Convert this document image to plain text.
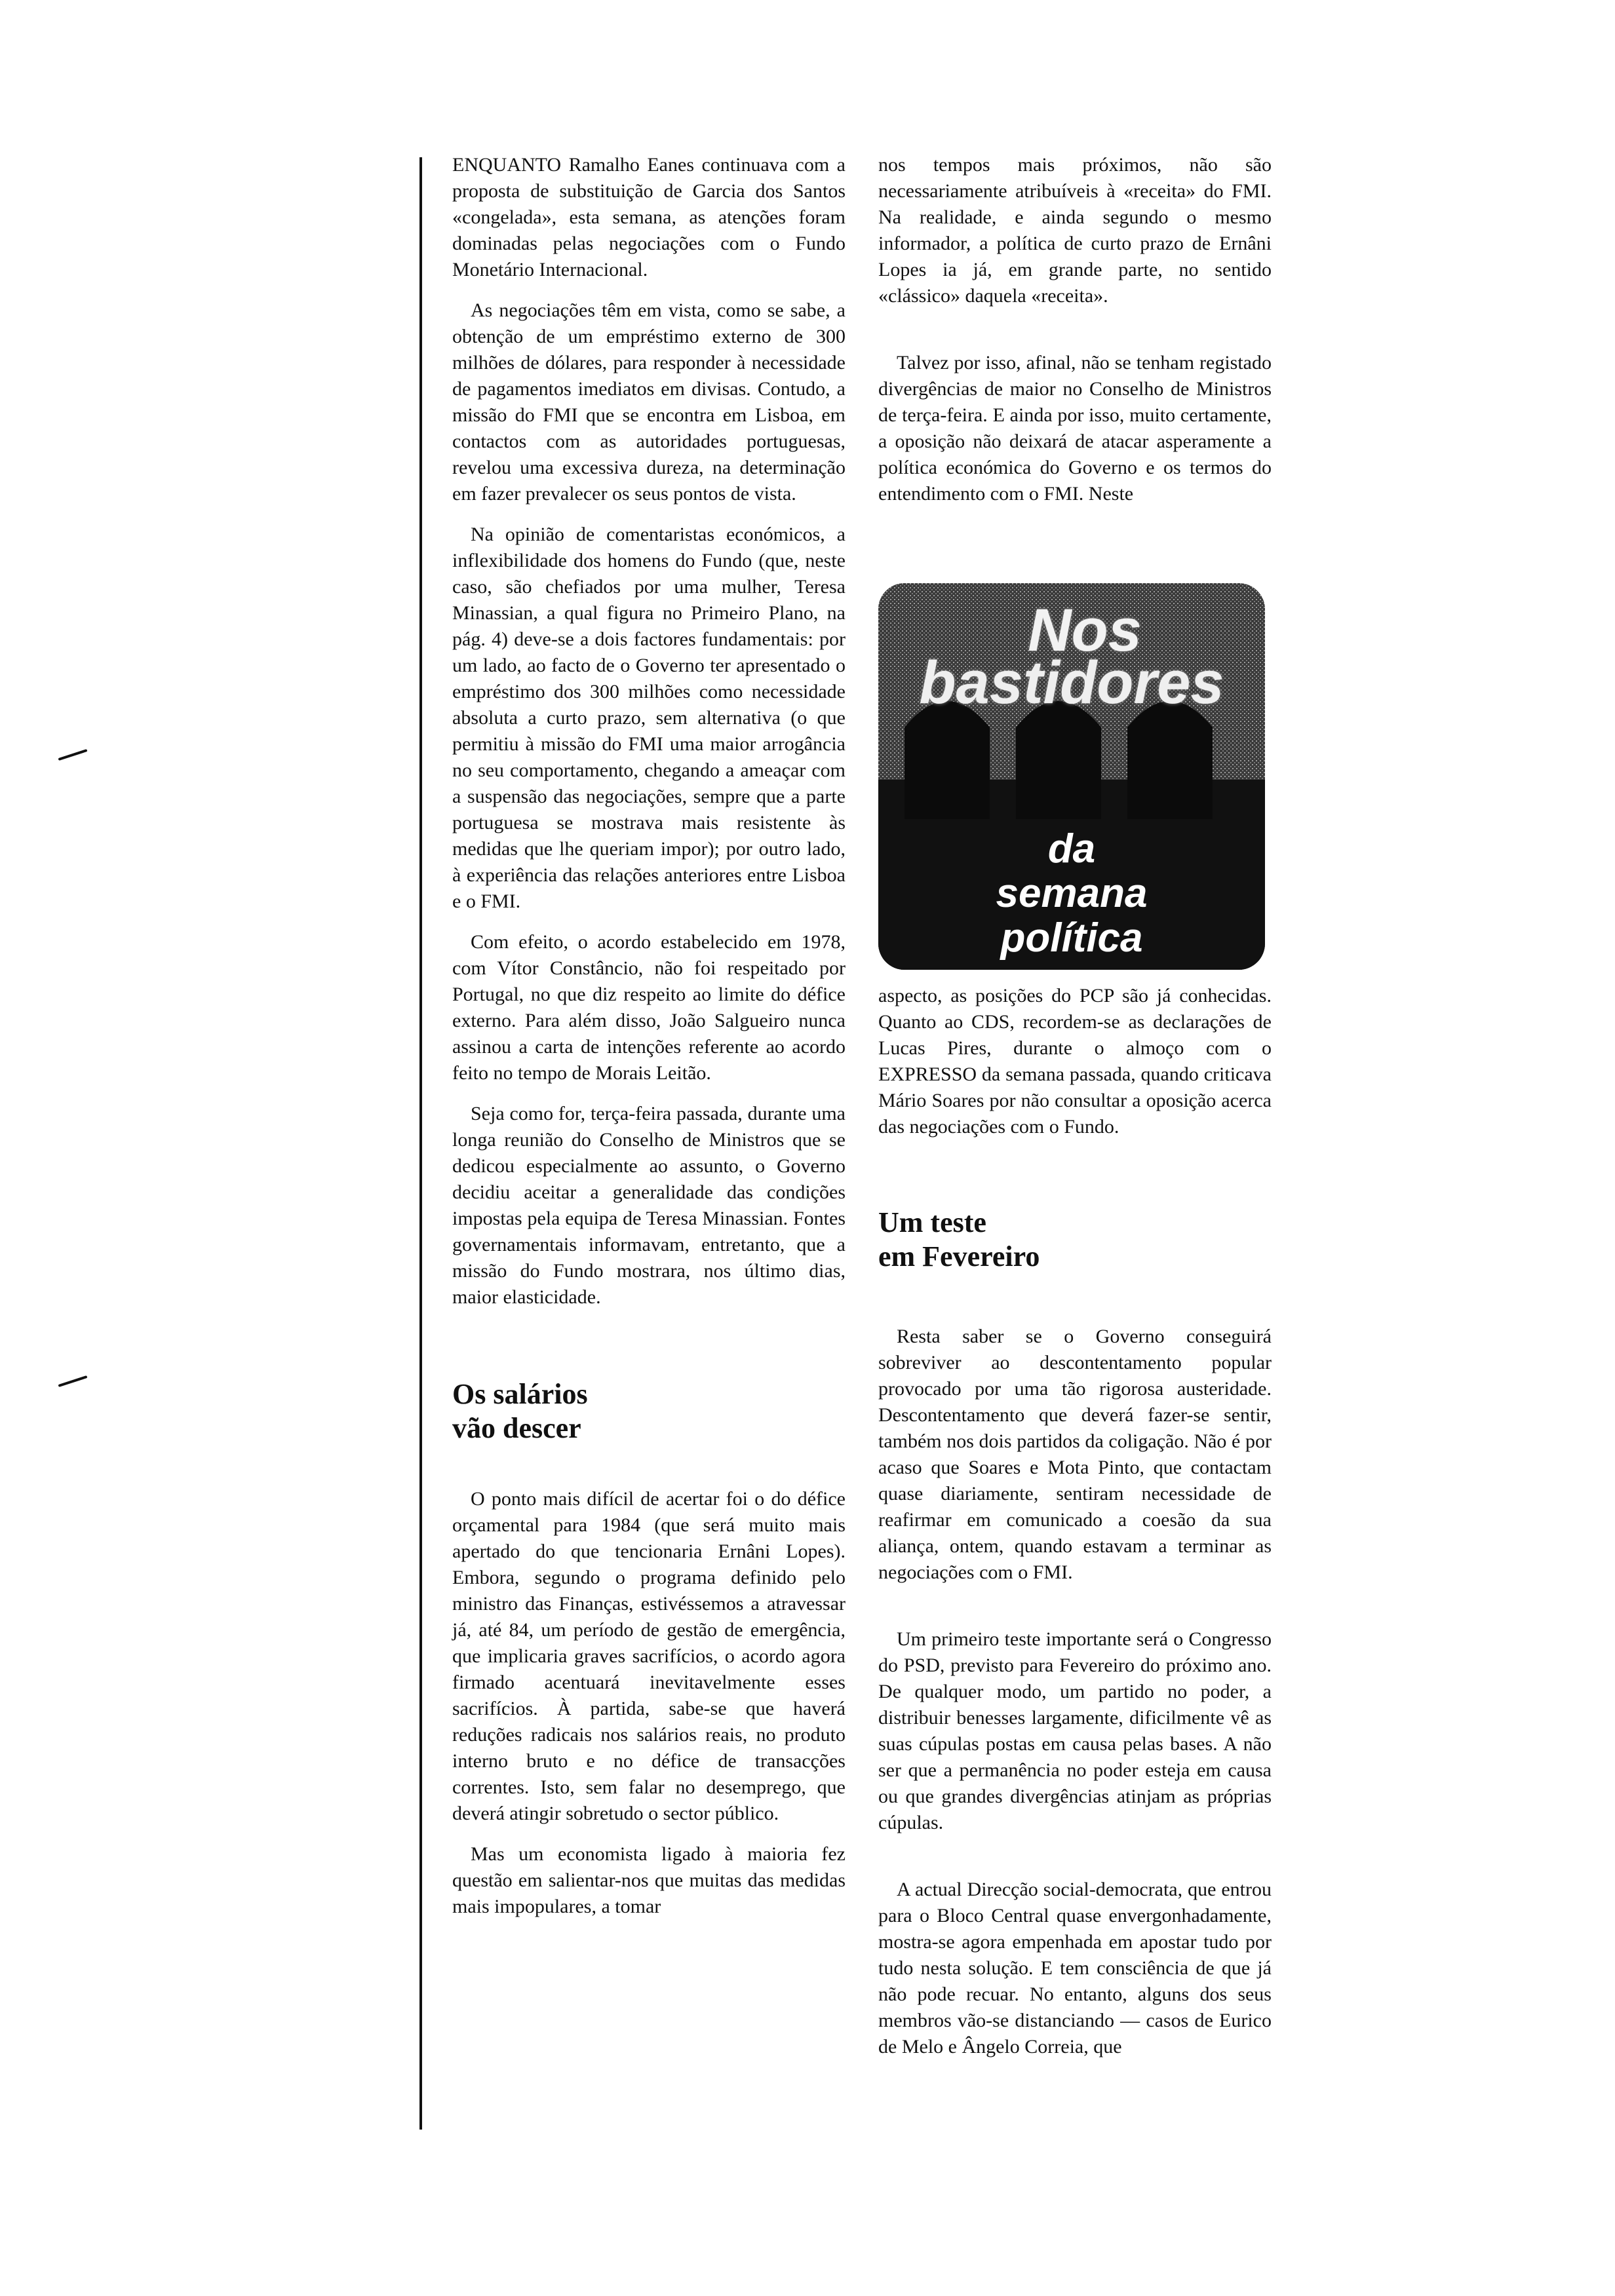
ENQUANTO Ramalho Eanes continuava com a proposta de substituição de Garcia dos Santos «congelada», esta semana, as atenções foram dominadas pelas negociações com o Fundo Monetário Internacional.

As negociações têm em vista, como se sabe, a obtenção de um empréstimo externo de 300 milhões de dólares, para responder à necessidade de pagamentos imediatos em divisas. Contudo, a missão do FMI que se encontra em Lisboa, em contactos com as autoridades portuguesas, revelou uma excessiva dureza, na determinação em fazer prevalecer os seus pontos de vista.

Na opinião de comentaristas económicos, a inflexibilidade dos homens do Fundo (que, neste caso, são chefiados por uma mulher, Teresa Minassian, a qual figura no Primeiro Plano, na pág. 4) deve-se a dois factores fundamentais: por um lado, ao facto de o Governo ter apresentado o empréstimo dos 300 milhões como necessidade absoluta a curto prazo, sem alternativa (o que permitiu à missão do FMI uma maior arrogância no seu comportamento, chegando a ameaçar com a suspensão das negociações, sempre que a parte portuguesa se mostrava mais resistente às medidas que lhe queriam impor); por outro lado, à experiência das relações anteriores entre Lisboa e o FMI.

Com efeito, o acordo estabelecido em 1978, com Vítor Constâncio, não foi respeitado por Portugal, no que diz respeito ao limite do défice externo. Para além disso, João Salgueiro nunca assinou a carta de intenções referente ao acordo feito no tempo de Morais Leitão.

Seja como for, terça-feira passada, durante uma longa reunião do Conselho de Ministros que se dedicou especialmente ao assunto, o Governo decidiu aceitar a generalidade das condições impostas pela equipa de Teresa Minassian. Fontes governamentais informavam, entretanto, que a missão do Fundo mostrara, nos último dias, maior elasticidade.

Os salários
vão descer

O ponto mais difícil de acertar foi o do défice orçamental para 1984 (que será muito mais apertado do que tencionaria Ernâni Lopes). Embora, segundo o programa definido pelo ministro das Finanças, estivéssemos a atravessar já, até 84, um período de gestão de emergência, que implicaria graves sacrifícios, o acordo agora firmado acentuará inevitavelmente esses sacrifícios. À partida, sabe-se que haverá reduções radicais nos salários reais, no produto interno bruto e no défice de transacções correntes. Isto, sem falar no desemprego, que deverá atingir sobretudo o sector público.

Mas um economista ligado à maioria fez questão em salientar-nos que muitas das medidas mais impopulares, a tomar

nos tempos mais próximos, não são necessariamente atribuíveis à «receita» do FMI. Na realidade, e ainda segundo o mesmo informador, a política de curto prazo de Ernâni Lopes ia já, em grande parte, no sentido «clássico» daquela «receita».

Talvez por isso, afinal, não se tenham registado divergências de maior no Conselho de Ministros de terça-feira. E ainda por isso, muito certamente, a oposição não deixará de atacar asperamente a política económica do Governo e os termos do entendimento com o FMI. Neste

Nos
bastidores
da
semana
política

aspecto, as posições do PCP são já conhecidas. Quanto ao CDS, recordem-se as declarações de Lucas Pires, durante o almoço com o EXPRESSO da semana passada, quando criticava Mário Soares por não consultar a oposição acerca das negociações com o Fundo.

Um teste
em Fevereiro

Resta saber se o Governo conseguirá sobreviver ao descontentamento popular provocado por uma tão rigorosa austeridade. Descontentamento que deverá fazer-se sentir, também nos dois partidos da coligação. Não é por acaso que Soares e Mota Pinto, que contactam quase diariamente, sentiram necessidade de reafirmar em comunicado a coesão da sua aliança, ontem, quando estavam a terminar as negociações com o FMI.

Um primeiro teste importante será o Congresso do PSD, previsto para Fevereiro do próximo ano. De qualquer modo, um partido no poder, a distribuir benesses largamente, dificilmente vê as suas cúpulas postas em causa pelas bases. A não ser que a permanência no poder esteja em causa ou que grandes divergências atinjam as próprias cúpulas.

A actual Direcção social-democrata, que entrou para o Bloco Central quase envergonhadamente, mostra-se agora empenhada em apostar tudo por tudo nesta solução. E tem consciência de que já não pode recuar. No entanto, alguns dos seus membros vão-se distanciando — casos de Eurico de Melo e Ângelo Correia, que
